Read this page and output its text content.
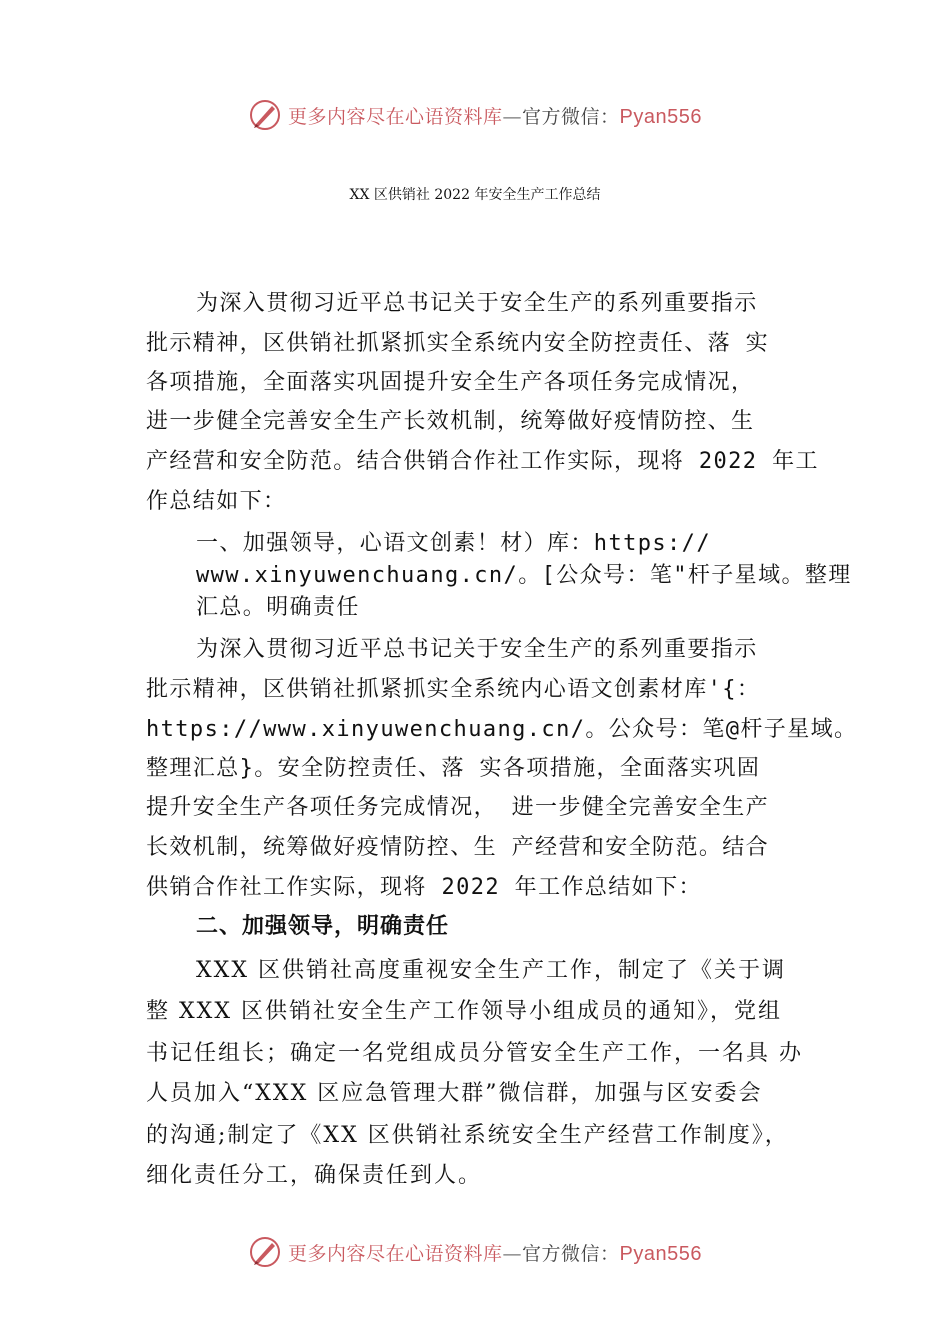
更多内容尽在心语资料库—官方微信：Pyan556
XX 区供销社 2022 年安全生产工作总结

为深入贯彻习近平总书记关于安全生产的系列重要指示

批示精神，区供销社抓紧抓实全系统内安全防控责任、落 实

各项措施，全面落实巩固提升安全生产各项任务完成情况，

进一步健全完善安全生产长效机制，统筹做好疫情防控、生

产经营和安全防范。结合供销合作社工作实际，现将 2022 年工

作总结如下：

一、加强领导，心语文创素！材）库：https://

www.xinyuwenchuang.cn/。[公众号：笔"杆子星域。整理

汇总。明确责任

为深入贯彻习近平总书记关于安全生产的系列重要指示

批示精神，区供销社抓紧抓实全系统内心语文创素材库'{：

https://www.xinyuwenchuang.cn/。公众号：笔@杆子星域。

整理汇总}。安全防控责任、落 实各项措施，全面落实巩固

提升安全生产各项任务完成情况， 进一步健全完善安全生产

长效机制，统筹做好疫情防控、生 产经营和安全防范。结合

供销合作社工作实际，现将 2022 年工作总结如下：

二、加强领导，明确责任

XXX 区供销社高度重视安全生产工作，制定了《关于调

整 XXX 区供销社安全生产工作领导小组成员的通知》，党组

书记任组长；确定一名党组成员分管安全生产工作，一名具 办

人员加入“XXX 区应急管理大群”微信群，加强与区安委会

的沟通;制定了《XX 区供销社系统安全生产经营工作制度》，

细化责任分工，确保责任到人。

更多内容尽在心语资料库—官方微信：Pyan556
